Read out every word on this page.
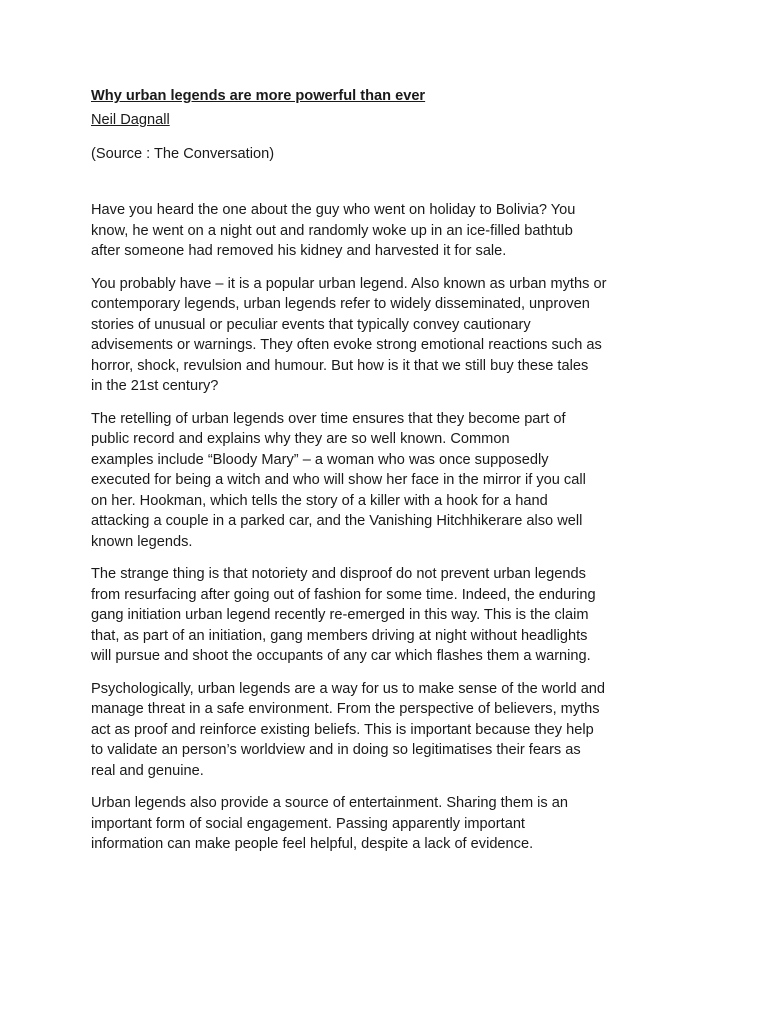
Why urban legends are more powerful than ever
Neil Dagnall
(Source : The Conversation)
Have you heard the one about the guy who went on holiday to Bolivia? You
know, he went on a night out and randomly woke up in an ice-filled bathtub
after someone had removed his kidney and harvested it for sale.
You probably have – it is a popular urban legend. Also known as urban myths or
contemporary legends, urban legends refer to widely disseminated, unproven
stories of unusual or peculiar events that typically convey cautionary
advisements or warnings. They often evoke strong emotional reactions such as
horror, shock, revulsion and humour. But how is it that we still buy these tales
in the 21st century?
The retelling of urban legends over time ensures that they become part of
public record and explains why they are so well known. Common
examples include “Bloody Mary” – a woman who was once supposedly
executed for being a witch and who will show her face in the mirror if you call
on her. Hookman, which tells the story of a killer with a hook for a hand
attacking a couple in a parked car, and the Vanishing Hitchhikerare also well
known legends.
The strange thing is that notoriety and disproof do not prevent urban legends
from resurfacing after going out of fashion for some time. Indeed, the enduring
gang initiation urban legend recently re-emerged in this way. This is the claim
that, as part of an initiation, gang members driving at night without headlights
will pursue and shoot the occupants of any car which flashes them a warning.
Psychologically, urban legends are a way for us to make sense of the world and
manage threat in a safe environment. From the perspective of believers, myths
act as proof and reinforce existing beliefs. This is important because they help
to validate an person’s worldview and in doing so legitimatises their fears as
real and genuine.
Urban legends also provide a source of entertainment. Sharing them is an
important form of social engagement. Passing apparently important
information can make people feel helpful, despite a lack of evidence.
